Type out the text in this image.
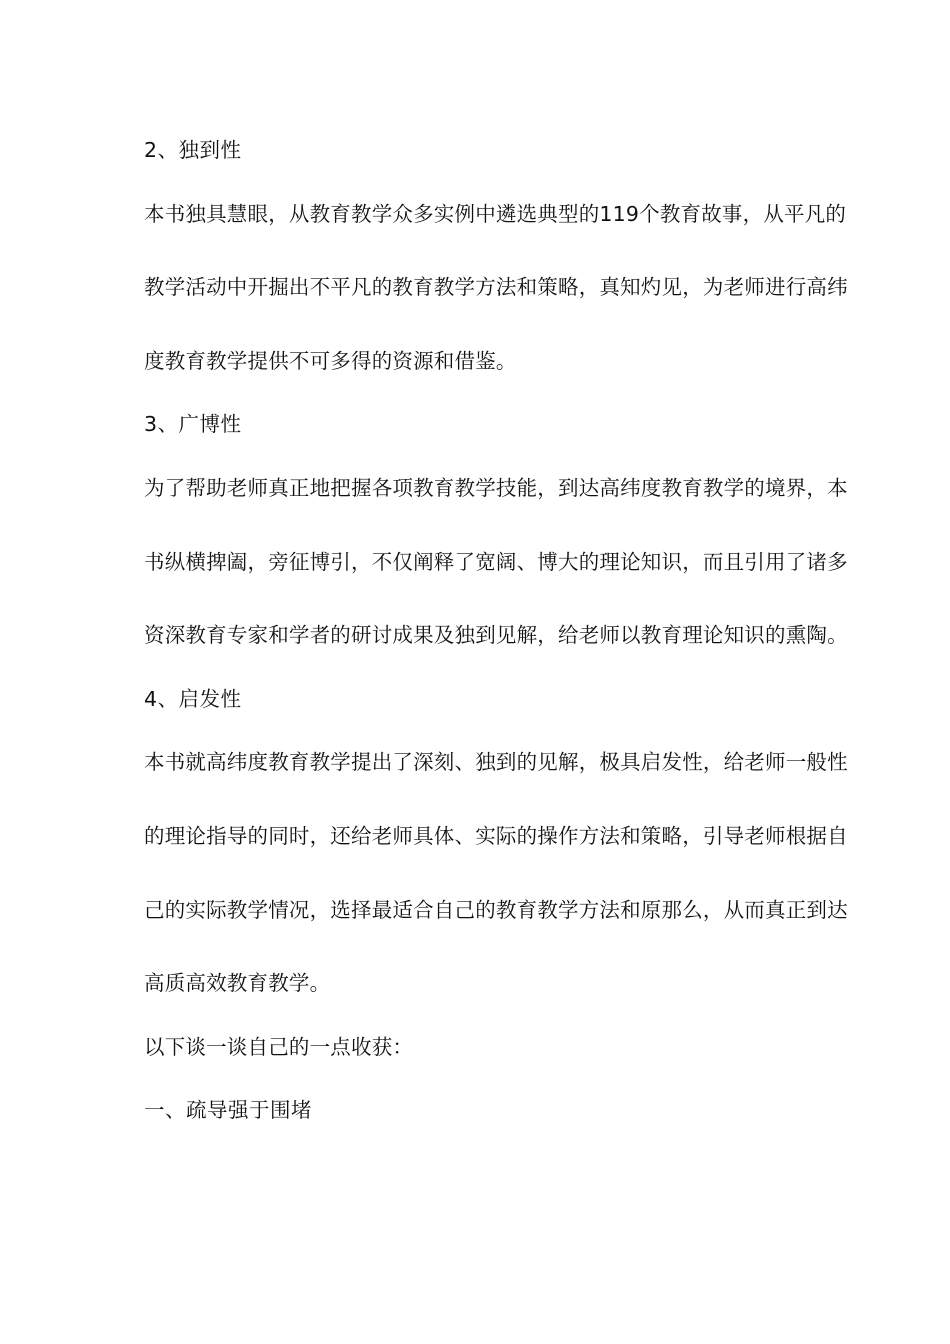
2、独到性
本书独具慧眼，从教育教学众多实例中遴选典型的119个教育故事，从平凡的
教学活动中开掘出不平凡的教育教学方法和策略，真知灼见，为老师进行高纬
度教育教学提供不可多得的资源和借鉴。
3、广博性
为了帮助老师真正地把握各项教育教学技能，到达高纬度教育教学的境界，本
书纵横捭阖，旁征博引，不仅阐释了宽阔、博大的理论知识，而且引用了诸多
资深教育专家和学者的研讨成果及独到见解，给老师以教育理论知识的熏陶。
4、启发性
本书就高纬度教育教学提出了深刻、独到的见解，极具启发性，给老师一般性
的理论指导的同时，还给老师具体、实际的操作方法和策略，引导老师根据自
己的实际教学情况，选择最适合自己的教育教学方法和原那么，从而真正到达
高质高效教育教学。
以下谈一谈自己的一点收获：
一、疏导强于围堵
